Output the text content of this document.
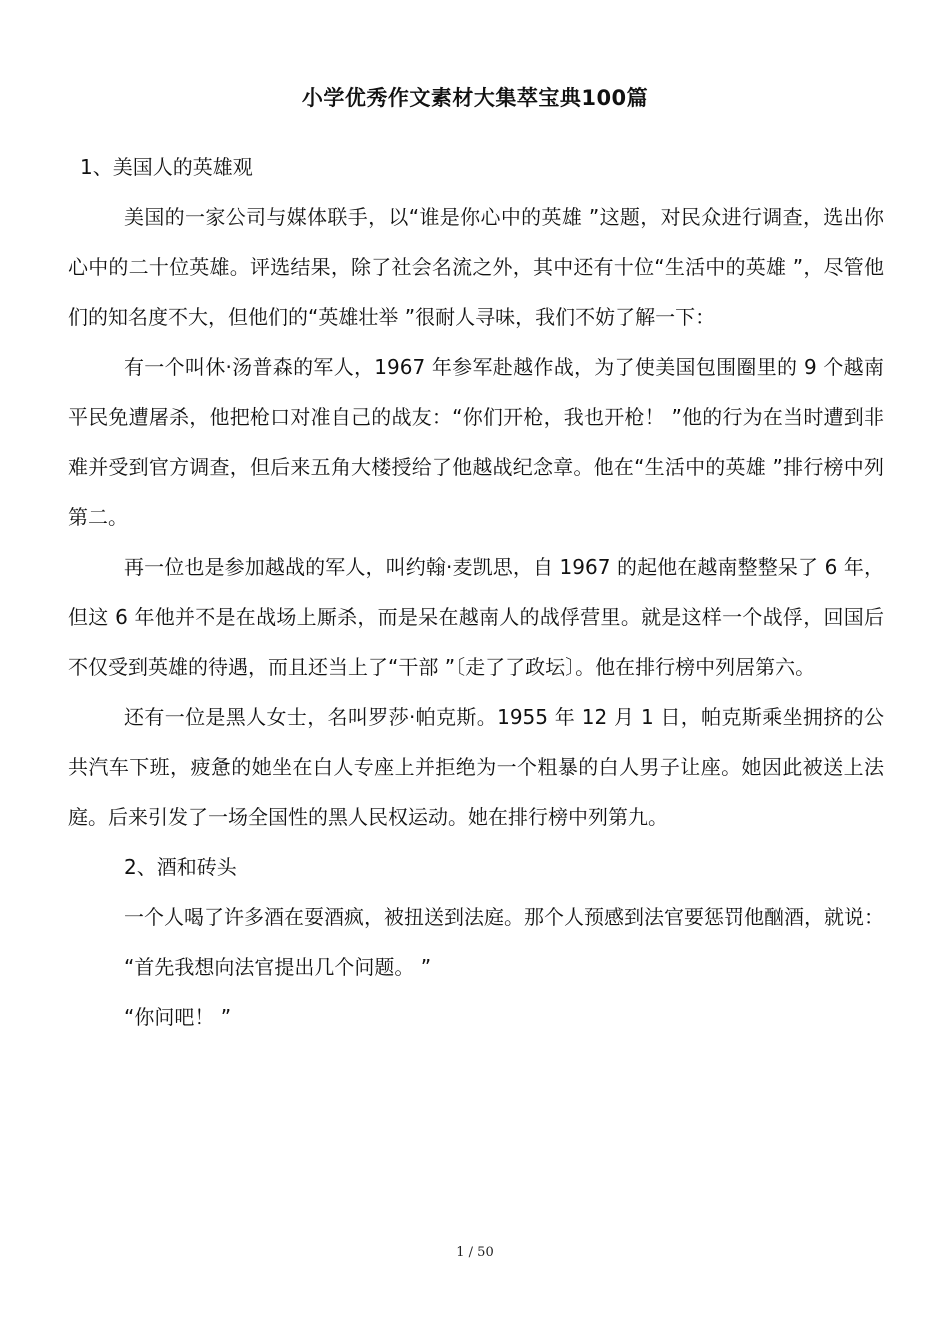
小学优秀作文素材大集萃宝典100篇

1、美国人的英雄观

美国的一家公司与媒体联手，以“谁是你心中的英雄 ”这题，对民众进行调查，选出你心中的二十位英雄。评选结果，除了社会名流之外，其中还有十位“生活中的英雄 ”，尽管他们的知名度不大，但他们的“英雄壮举 ”很耐人寻味，我们不妨了解一下：

有一个叫休·汤普森的军人，1967 年参军赴越作战，为了使美国包围圈里的 9 个越南平民免遭屠杀，他把枪口对准自己的战友：“你们开枪，我也开枪！ ”他的行为在当时遭到非难并受到官方调查，但后来五角大楼授给了他越战纪念章。他在“生活中的英雄 ”排行榜中列第二。

再一位也是参加越战的军人，叫约翰·麦凯思，自 1967 的起他在越南整整呆了 6 年，但这 6 年他并不是在战场上厮杀，而是呆在越南人的战俘营里。就是这样一个战俘，回国后不仅受到英雄的待遇，而且还当上了“干部 ”〔走了了政坛〕。他在排行榜中列居第六。

还有一位是黑人女士，名叫罗莎·帕克斯。1955 年 12 月 1 日，帕克斯乘坐拥挤的公共汽车下班，疲惫的她坐在白人专座上并拒绝为一个粗暴的白人男子让座。她因此被送上法庭。后来引发了一场全国性的黑人民权运动。她在排行榜中列第九。

2、酒和砖头

一个人喝了许多酒在耍酒疯，被扭送到法庭。那个人预感到法官要惩罚他酗酒，就说：

“首先我想向法官提出几个问题。 ”

“你问吧！ ”

1 / 50
